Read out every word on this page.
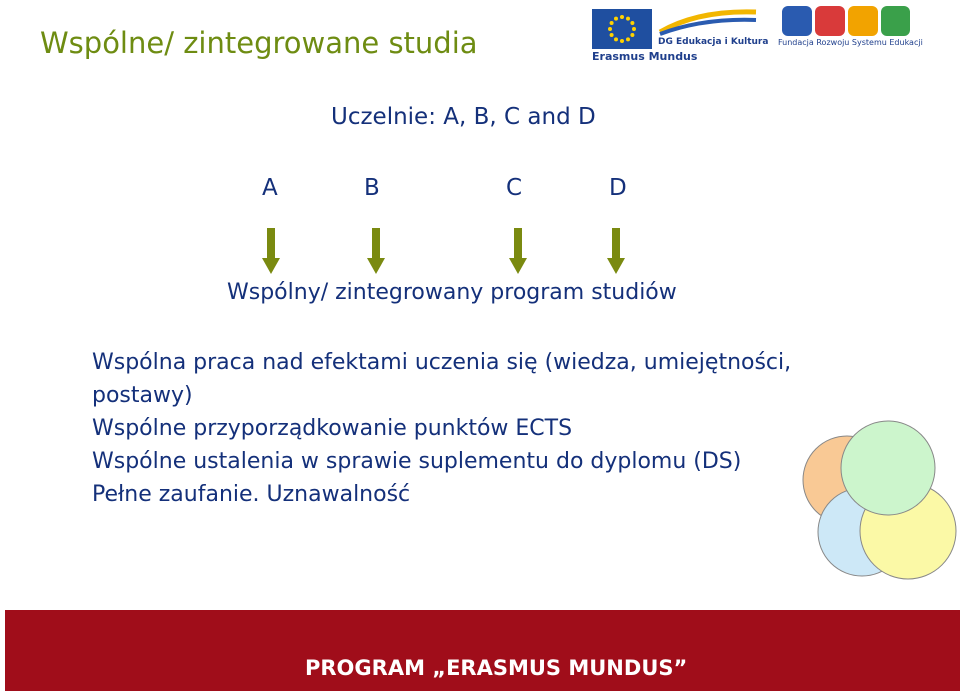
Wspólne/ zintegrowane studia	DG Edukacja i Kultura
Erasmus Mundus
Fundacja Rozwoju Systemu Edukacji
Uczelnie: A, B, C and D
A	B	C	D
Wspólny/ zintegrowany program studiów
Wspólna praca nad efektami uczenia się (wiedza, umiejętności,
postawy)
Wspólne przyporządkowanie punktów ECTS
Wspólne ustalenia w sprawie suplementu do dyplomu (DS)
Pełne zaufanie. Uznawalność
PROGRAM „ERASMUS MUNDUS”
